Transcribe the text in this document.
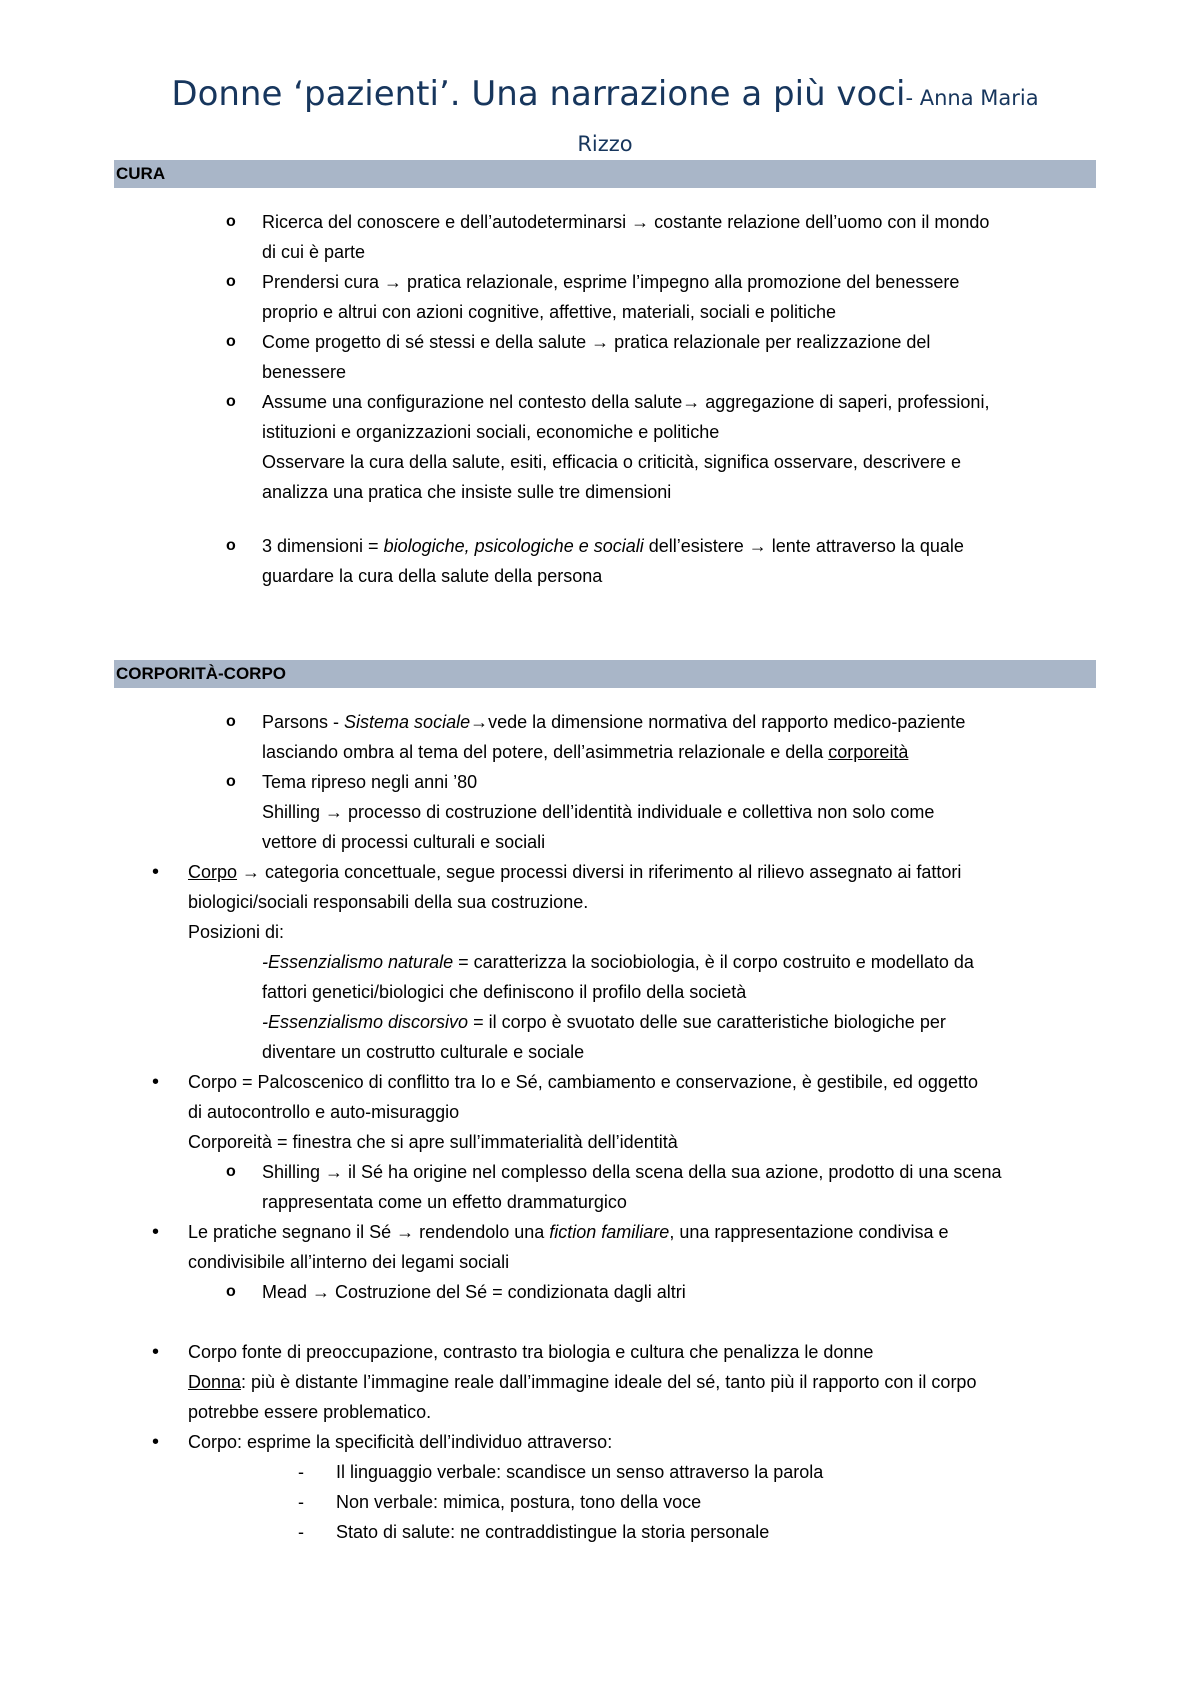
Donne ‘pazienti’. Una narrazione a più voci- Anna Maria
Rizzo
CURA
o Ricerca del conoscere e dell’autodeterminarsi → costante relazione dell’uomo con il mondo
di cui è parte
o Prendersi cura → pratica relazionale, esprime l’impegno alla promozione del benessere
proprio e altrui con azioni cognitive, affettive, materiali, sociali e politiche
o Come progetto di sé stessi e della salute → pratica relazionale per realizzazione del
benessere
o Assume una configurazione nel contesto della salute→ aggregazione di saperi, professioni,
istituzioni e organizzazioni sociali, economiche e politiche
Osservare la cura della salute, esiti, efficacia o criticità, significa osservare, descrivere e
analizza una pratica che insiste sulle tre dimensioni
o 3 dimensioni = biologiche, psicologiche e sociali dell’esistere → lente attraverso la quale
guardare la cura della salute della persona
CORPORITÀ-CORPO
o Parsons - Sistema sociale→vede la dimensione normativa del rapporto medico-paziente
lasciando ombra al tema del potere, dell’asimmetria relazionale e della corporeità
o Tema ripreso negli anni ’80
Shilling → processo di costruzione dell’identità individuale e collettiva non solo come
vettore di processi culturali e sociali
• Corpo → categoria concettuale, segue processi diversi in riferimento al rilievo assegnato ai fattori
biologici/sociali responsabili della sua costruzione.
Posizioni di:
-Essenzialismo naturale = caratterizza la sociobiologia, è il corpo costruito e modellato da
fattori genetici/biologici che definiscono il profilo della società
-Essenzialismo discorsivo = il corpo è svuotato delle sue caratteristiche biologiche per
diventare un costrutto culturale e sociale
• Corpo = Palcoscenico di conflitto tra Io e Sé, cambiamento e conservazione, è gestibile, ed oggetto
di autocontrollo e auto-misuraggio
Corporeità = finestra che si apre sull’immaterialità dell’identità
o Shilling → il Sé ha origine nel complesso della scena della sua azione, prodotto di una scena
rappresentata come un effetto drammaturgico
• Le pratiche segnano il Sé → rendendolo una fiction familiare, una rappresentazione condivisa e
condivisibile all’interno dei legami sociali
o Mead → Costruzione del Sé = condizionata dagli altri
• Corpo fonte di preoccupazione, contrasto tra biologia e cultura che penalizza le donne
Donna: più è distante l’immagine reale dall’immagine ideale del sé, tanto più il rapporto con il corpo
potrebbe essere problematico.
• Corpo: esprime la specificità dell’individuo attraverso:
- Il linguaggio verbale: scandisce un senso attraverso la parola
- Non verbale: mimica, postura, tono della voce
- Stato di salute: ne contraddistingue la storia personale
